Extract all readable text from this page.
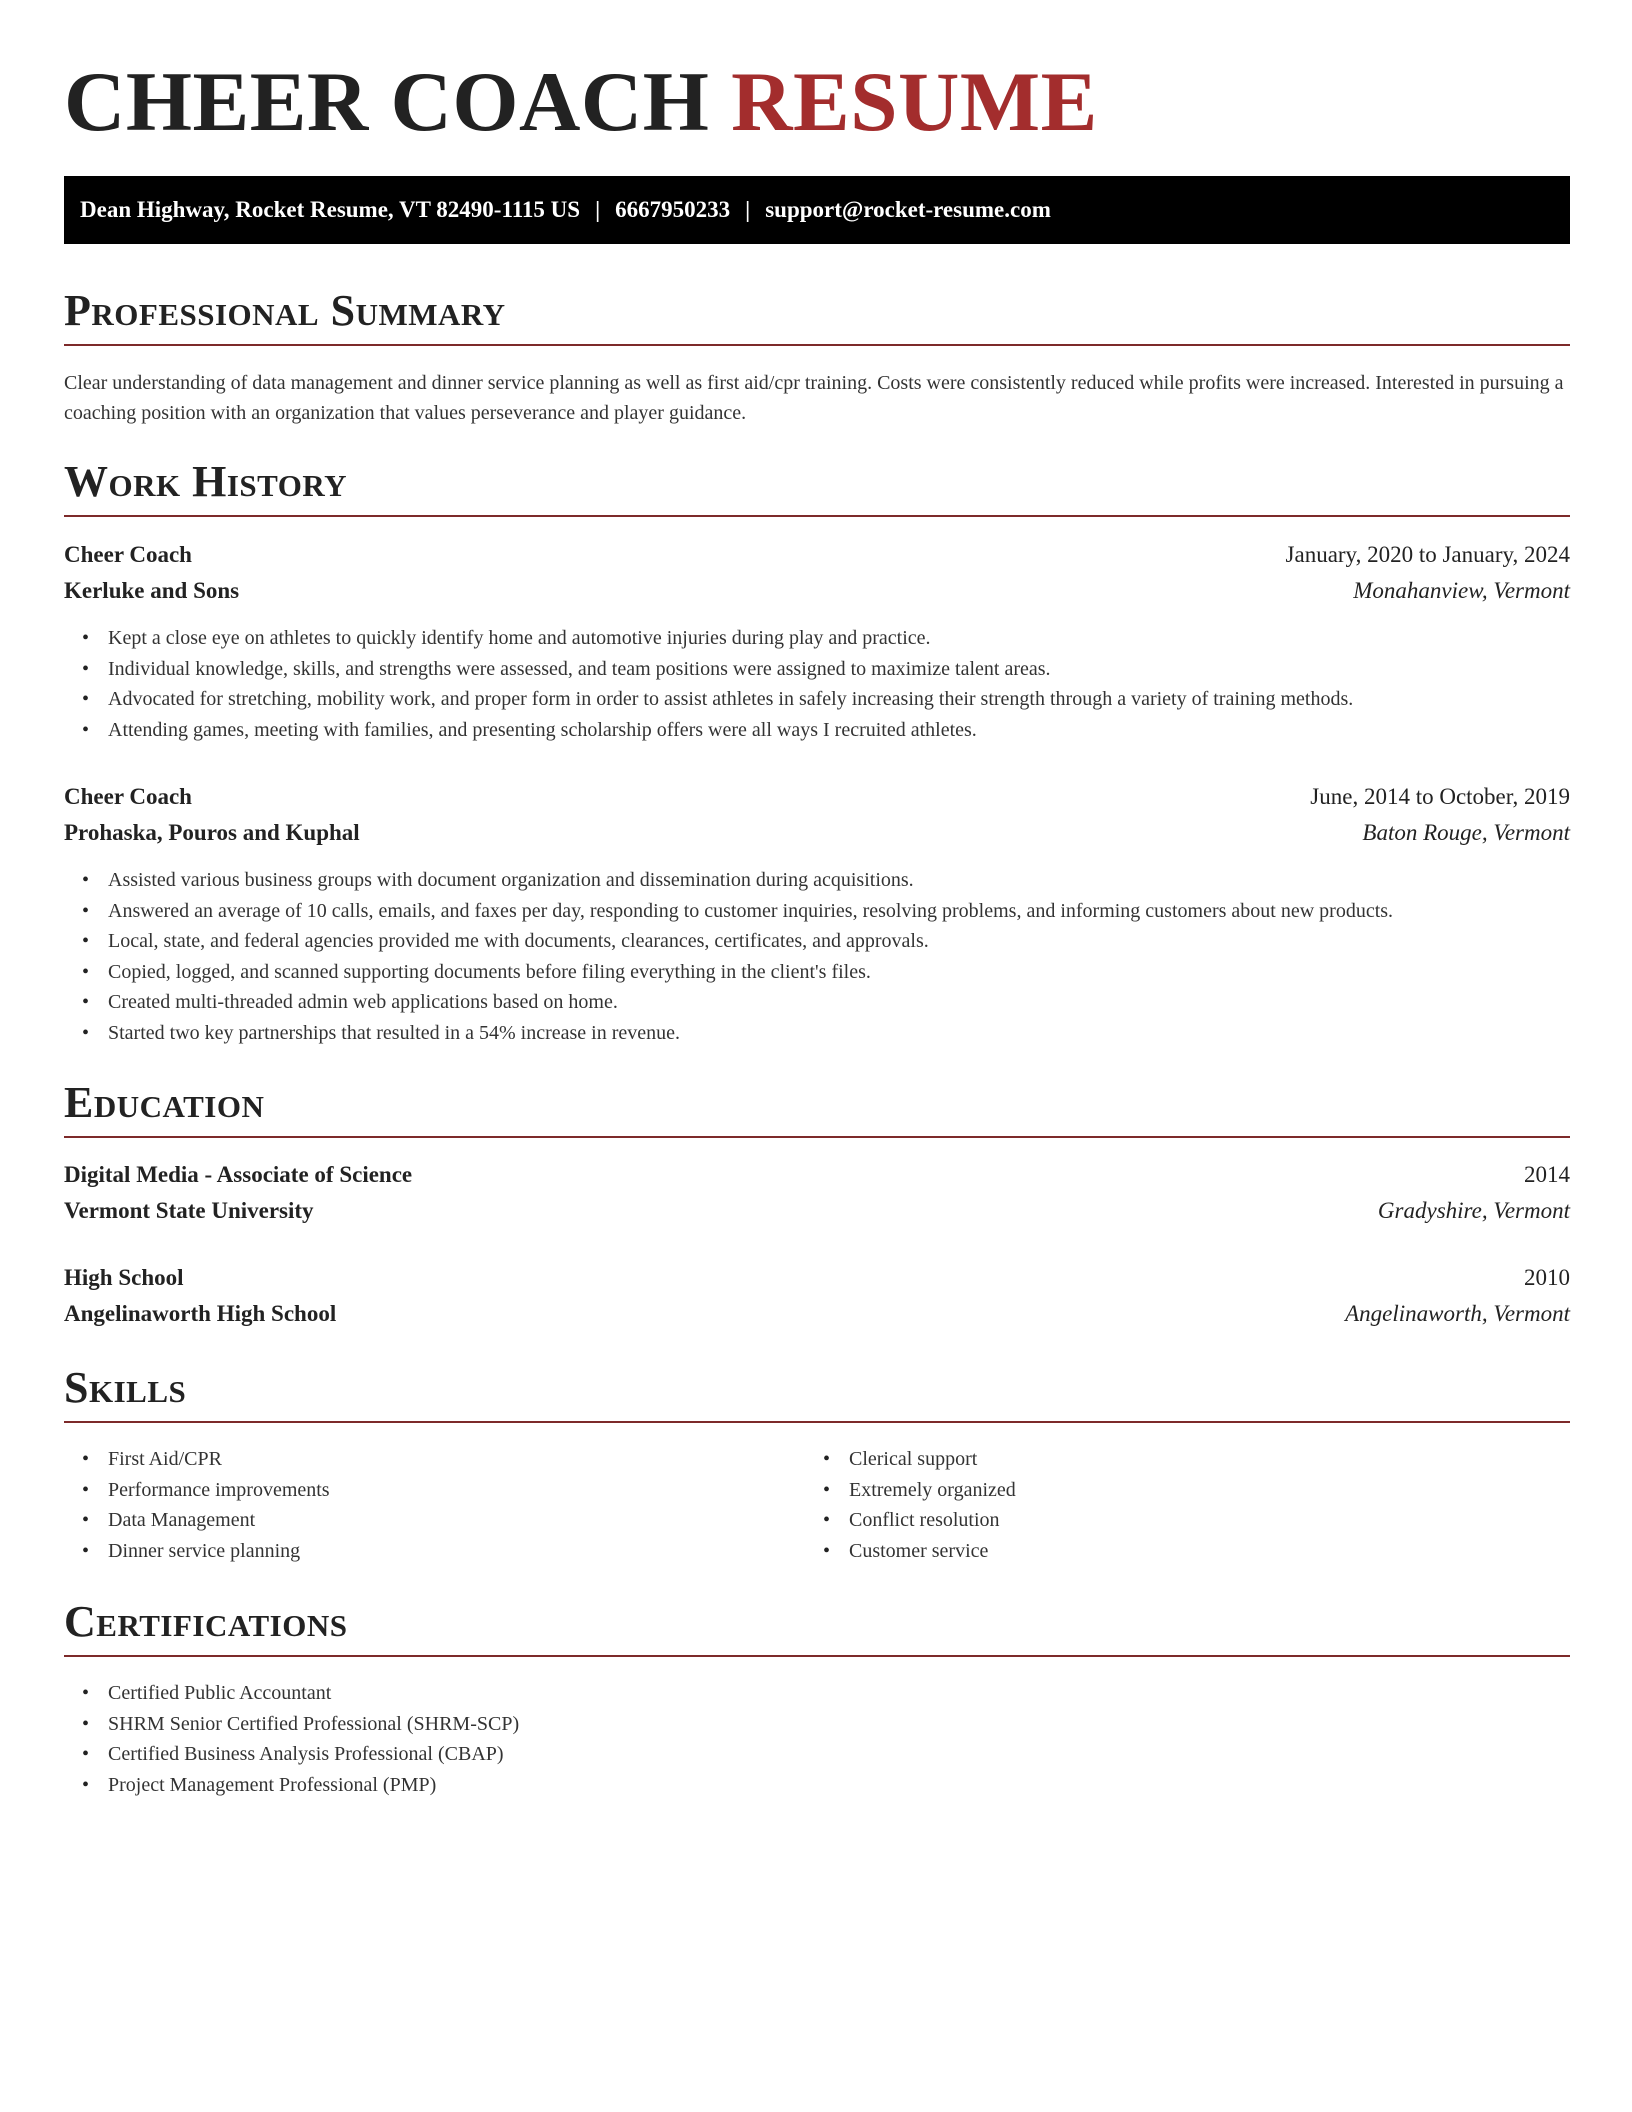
CHEER COACH RESUME
Dean Highway, Rocket Resume, VT 82490-1115 US | 6667950233 | support@rocket-resume.com
Professional Summary

Clear understanding of data management and dinner service planning as well as first aid/cpr training. Costs were consistently reduced while profits were increased. Interested in pursuing a coaching position with an organization that values perseverance and player guidance.

Work History
Cheer Coach	January, 2020 to January, 2024
Kerluke and Sons	Monahanview, Vermont
• Kept a close eye on athletes to quickly identify home and automotive injuries during play and practice.
• Individual knowledge, skills, and strengths were assessed, and team positions were assigned to maximize talent areas.
• Advocated for stretching, mobility work, and proper form in order to assist athletes in safely increasing their strength through a variety of training methods.
• Attending games, meeting with families, and presenting scholarship offers were all ways I recruited athletes.
Cheer Coach	June, 2014 to October, 2019
Prohaska, Pouros and Kuphal	Baton Rouge, Vermont
• Assisted various business groups with document organization and dissemination during acquisitions.
• Answered an average of 10 calls, emails, and faxes per day, responding to customer inquiries, resolving problems, and informing customers about new products.
• Local, state, and federal agencies provided me with documents, clearances, certificates, and approvals.
• Copied, logged, and scanned supporting documents before filing everything in the client's files.
• Created multi-threaded admin web applications based on home.
• Started two key partnerships that resulted in a 54% increase in revenue.
Education
Digital Media - Associate of Science	2014
Vermont State University	Gradyshire, Vermont
High School	2010
Angelinaworth High School	Angelinaworth, Vermont
Skills
• First Aid/CPR
• Performance improvements
• Data Management
• Dinner service planning
• Clerical support
• Extremely organized
• Conflict resolution
• Customer service
Certifications
• Certified Public Accountant
• SHRM Senior Certified Professional (SHRM-SCP)
• Certified Business Analysis Professional (CBAP)
• Project Management Professional (PMP)
